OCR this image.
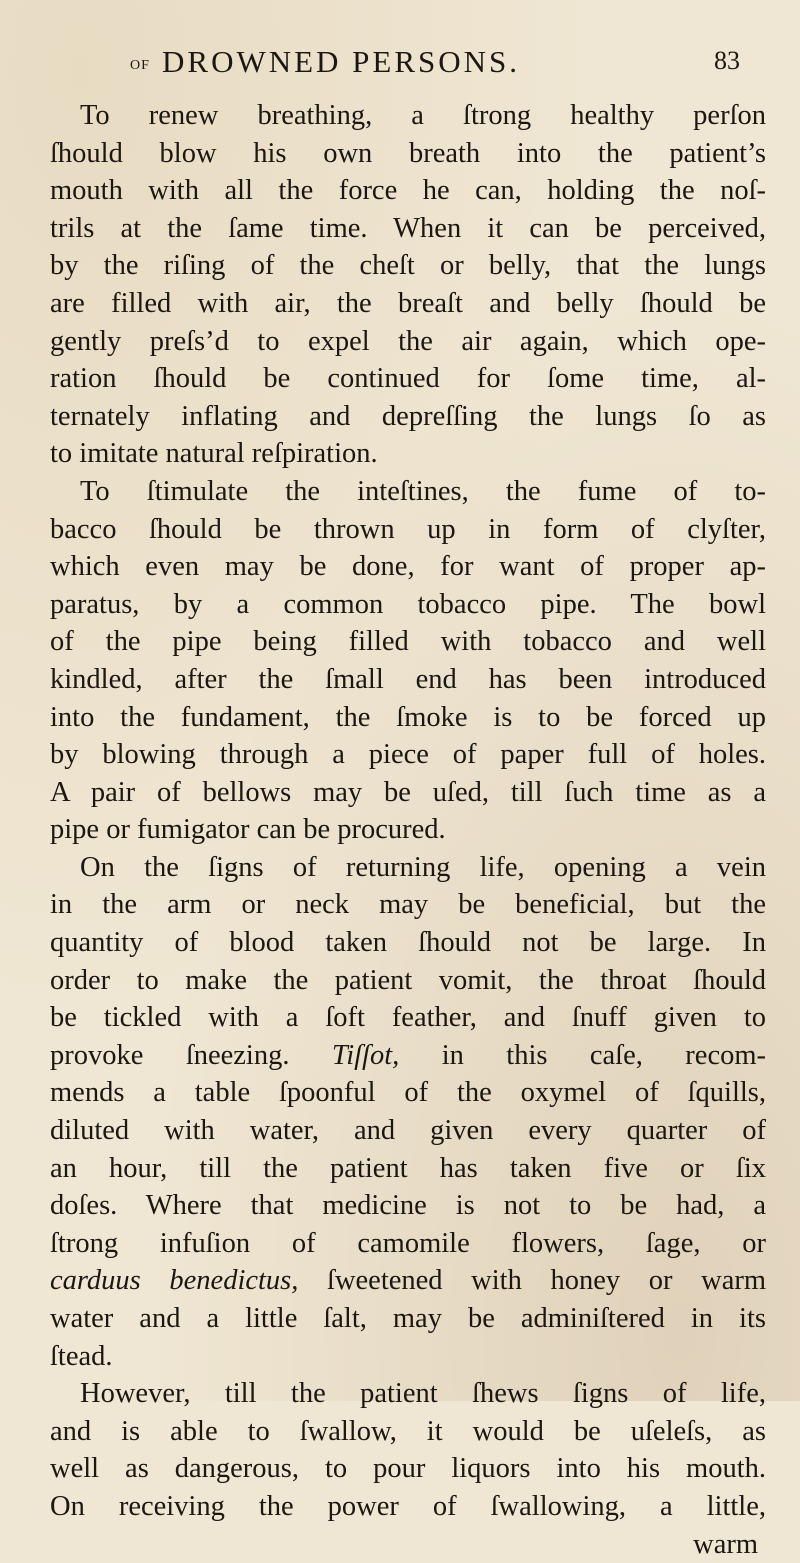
of DROWNED PERSONS.	83
To renew breathing, a ſtrong healthy perſon
ſhould blow his own breath into the patient’s
mouth with all the force he can, holding the noſ-
trils at the ſame time. When it can be perceived,
by the riſing of the cheſt or belly, that the lungs
are filled with air, the breaſt and belly ſhould be
gently preſs’d to expel the air again, which ope-
ration ſhould be continued for ſome time, al-
ternately inflating and depreſſing the lungs ſo as
to imitate natural reſpiration.
To ſtimulate the inteſtines, the fume of to-
bacco ſhould be thrown up in form of clyſter,
which even may be done, for want of proper ap-
paratus, by a common tobacco pipe. The bowl
of the pipe being filled with tobacco and well
kindled, after the ſmall end has been introduced
into the fundament, the ſmoke is to be forced up
by blowing through a piece of paper full of holes.
A pair of bellows may be uſed, till ſuch time as a
pipe or fumigator can be procured.
On the ſigns of returning life, opening a vein
in the arm or neck may be beneficial, but the
quantity of blood taken ſhould not be large. In
order to make the patient vomit, the throat ſhould
be tickled with a ſoft feather, and ſnuff given to
provoke ſneezing. Tiſſot, in this caſe, recom-
mends a table ſpoonful of the oxymel of ſquills,
diluted with water, and given every quarter of
an hour, till the patient has taken five or ſix
doſes. Where that medicine is not to be had, a
ſtrong infuſion of camomile flowers, ſage, or
carduus benedictus, ſweetened with honey or warm
water and a little ſalt, may be adminiſtered in its
ſtead.
However, till the patient ſhews ſigns of life,
and is able to ſwallow, it would be uſeleſs, as
well as dangerous, to pour liquors into his mouth.
On receiving the power of ſwallowing, a little,
warm
